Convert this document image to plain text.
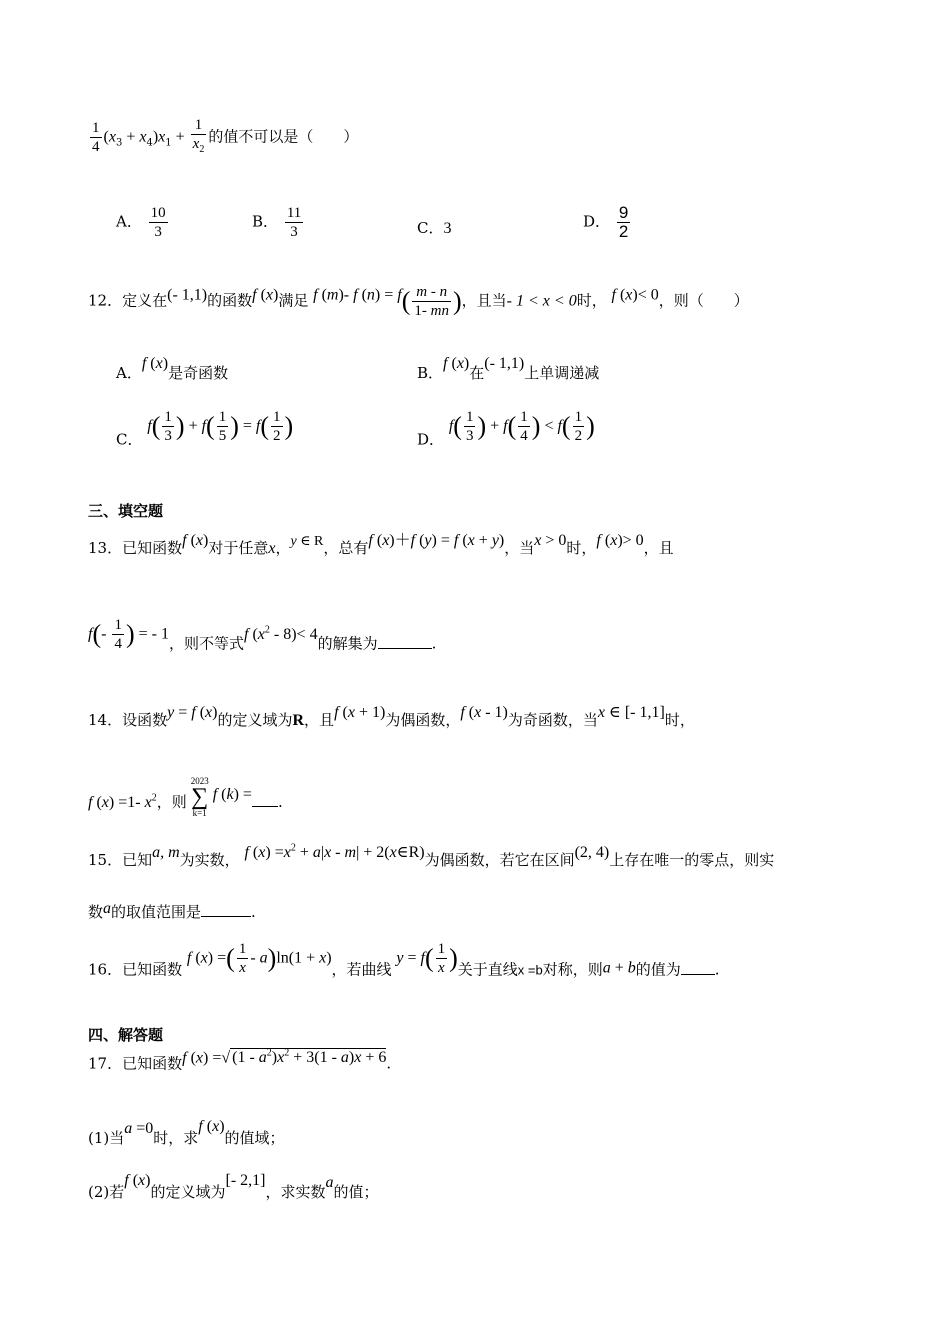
$\frac{1}{4} (x_3 + x_4)x_1 + \frac{1}{x_2}$ 的值不可以是（　　）
A． $\frac{10}{3}$	B． $\frac{11}{3}$	C．3	D． $\frac{9}{2}$
12．定义在(- 1,1)的函数f (x)满足 f (m)- f $(n) = f( \frac{m - n}{1- mn}$ )，且当- 1 < x < 0时， f (x)< 0，则（　　）
A．f (x)是奇函数	B．f (x)在(- 1,1)上单调递减
C． $f( \frac{1}{3}$ ) + $f( \frac{1}{5}$ ) = $f( \frac{1}{2}$ )	D． $f( \frac{1}{3}$ ) + $f( \frac{1}{4}$ ) < $f( \frac{1}{2}$ )
三、填空题
13．已知函数f (x)对于任意x，y ∈ R，总有f (x)＋f (y) = f (x + y)，当x > 0时，f (x)> 0，且
$f(- \frac{1}{4}$ ) = - 1，则不等式f $(x^2 - 8)< 4$的解集为	.
14．设函数y = f (x)的定义域为R，且f (x + 1)为偶函数，f (x - 1)为奇函数，当x ∈ [- 1,1]时，
f (x) =1- $x^2$，则2023
∑
k=1f (k) = .
15．已知a, m为实数， f $(x) =x^2 + a|x - m|$ + 2(x∈R)为偶函数，若它在区间(2, 4)上存在唯一的零点，则实
数a的取值范围是	.
16．已知函数 f (x) =( $\frac{1}{x} - a)\ln(1 + x)$，若曲线 $y = f( \frac{1}{x}$ )关于直线x =b对称，则a + b的值为 .
四、解答题
17．已知函数f (x) =√ $(1 - a^2)x^2 + 3(1 - a)x + 6$.
(1)当a =0时，求f (x)的值域；
(2)若f (x)的定义域为[- 2,1]，求实数a的值；
